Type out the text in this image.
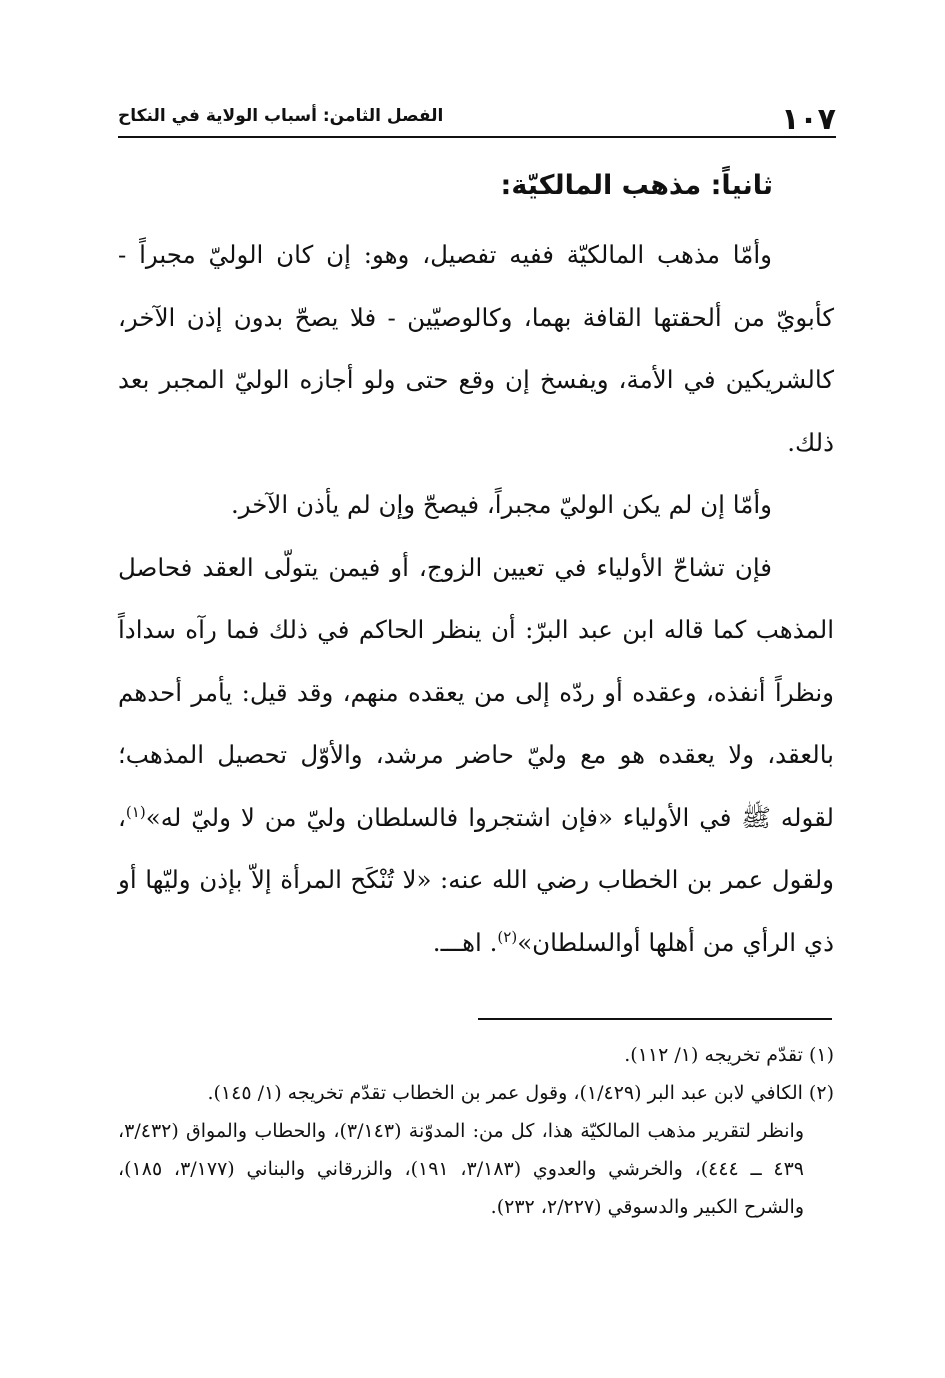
١٠٧
الفصل الثامن: أسباب الولاية في النكاح
ثانياً: مذهب المالكيّة:

وأمّا مذهب المالكيّة ففيه تفصيل، وهو: إن كان الوليّ مجبراً - كأبويّ من ألحقتها القافة بهما، وكالوصيّين - فلا يصحّ بدون إذن الآخر، كالشريكين في الأمة، ويفسخ إن وقع حتى ولو أجازه الوليّ المجبر بعد ذلك.

وأمّا إن لم يكن الوليّ مجبراً، فيصحّ وإن لم يأذن الآخر.

فإن تشاحّ الأولياء في تعيين الزوج، أو فيمن يتولّى العقد فحاصل المذهب كما قاله ابن عبد البرّ: أن ينظر الحاكم في ذلك فما رآه سداداً ونظراً أنفذه، وعقده أو ردّه إلى من يعقده منهم، وقد قيل: يأمر أحدهم بالعقد، ولا يعقده هو مع وليّ حاضر مرشد، والأوّل تحصيل المذهب؛ لقوله ﷺ في الأولياء «فإن اشتجروا فالسلطان وليّ من لا وليّ له»$^{(١)}$، ولقول عمر بن الخطاب رضي الله عنه: «لا تُنْكَح المرأة إلاّ بإذن وليّها أو ذي الرأي من أهلها أوالسلطان»$^{(٢)}$. اهـــ.

(١) تقدّم تخريجه (١/ ١١٢).

(٢) الكافي لابن عبد البر (١/٤٢٩)، وقول عمر بن الخطاب تقدّم تخريجه (١/ ١٤٥).

وانظر لتقرير مذهب المالكيّة هذا، كل من: المدوّنة (٣/١٤٣)، والحطاب والمواق (٣/٤٣٢، ٤٣٩ ــ ٤٤٤)، والخرشي والعدوي (٣/١٨٣، ١٩١)، والزرقاني والبناني (٣/١٧٧، ١٨٥)، والشرح الكبير والدسوقي (٢/٢٢٧، ٢٣٢).
